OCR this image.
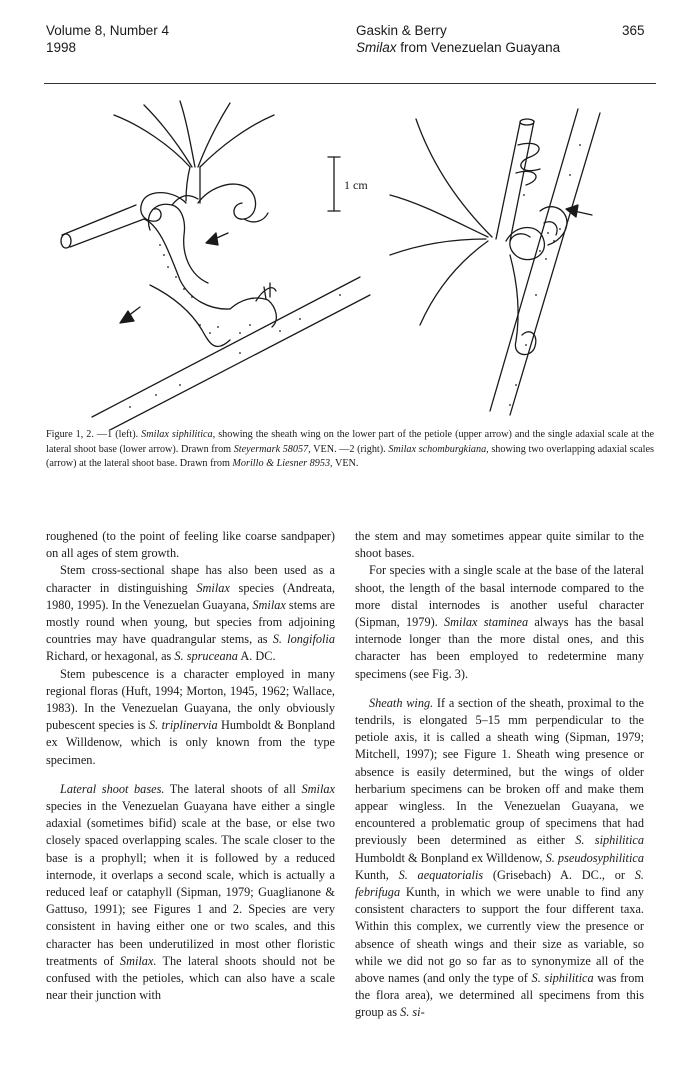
Volume 8, Number 4
1998
Gaskin & Berry
Smilax from Venezuelan Guayana
365
1 cm
Figure 1, 2. —1 (left). Smilax siphilitica, showing the sheath wing on the lower part of the petiole (upper arrow) and the single adaxial scale at the lateral shoot base (lower arrow). Drawn from Steyermark 58057, VEN. —2 (right). Smilax schomburgkiana, showing two overlapping adaxial scales (arrow) at the lateral shoot base. Drawn from Morillo & Liesner 8953, VEN.

roughened (to the point of feeling like coarse sandpaper) on all ages of stem growth.

Stem cross-sectional shape has also been used as a character in distinguishing Smilax species (Andreata, 1980, 1995). In the Venezuelan Guayana, Smilax stems are mostly round when young, but species from adjoining countries may have quadrangular stems, as S. longifolia Richard, or hexagonal, as S. spruceana A. DC.

Stem pubescence is a character employed in many regional floras (Huft, 1994; Morton, 1945, 1962; Wallace, 1983). In the Venezuelan Guayana, the only obviously pubescent species is S. triplinervia Humboldt & Bonpland ex Willdenow, which is only known from the type specimen.

Lateral shoot bases. The lateral shoots of all Smilax species in the Venezuelan Guayana have either a single adaxial (sometimes bifid) scale at the base, or else two closely spaced overlapping scales. The scale closer to the base is a prophyll; when it is followed by a reduced internode, it overlaps a second scale, which is actually a reduced leaf or cataphyll (Sipman, 1979; Guaglianone & Gattuso, 1991); see Figures 1 and 2. Species are very consistent in having either one or two scales, and this character has been underutilized in most other floristic treatments of Smilax. The lateral shoots should not be confused with the petioles, which can also have a scale near their junction with

the stem and may sometimes appear quite similar to the shoot bases.

For species with a single scale at the base of the lateral shoot, the length of the basal internode compared to the more distal internodes is another useful character (Sipman, 1979). Smilax staminea always has the basal internode longer than the more distal ones, and this character has been employed to redetermine many specimens (see Fig. 3).

Sheath wing. If a section of the sheath, proximal to the tendrils, is elongated 5–15 mm perpendicular to the petiole axis, it is called a sheath wing (Sipman, 1979; Mitchell, 1997); see Figure 1. Sheath wing presence or absence is easily determined, but the wings of older herbarium specimens can be broken off and make them appear wingless. In the Venezuelan Guayana, we encountered a problematic group of specimens that had previously been determined as either S. siphilitica Humboldt & Bonpland ex Willdenow, S. pseudosyphilitica Kunth, S. aequatorialis (Grisebach) A. DC., or S. febrifuga Kunth, in which we were unable to find any consistent characters to support the four different taxa. Within this complex, we currently view the presence or absence of sheath wings and their size as variable, so while we did not go so far as to synonymize all of the above names (and only the type of S. siphilitica was from the flora area), we determined all specimens from this group as S. si-
